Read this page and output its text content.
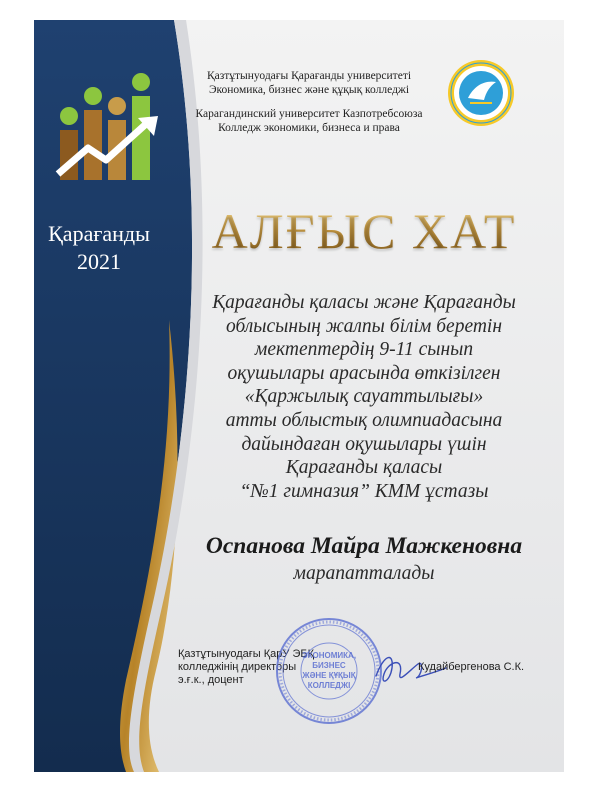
Қарағанды
2021
Қазтұтынуодағы Қарағанды университеті
Экономика, бизнес және құқық колледжі
Карагандинский университет Казпотребсоюза
Колледж экономики, бизнеса и права
АЛҒЫС ХАТ
Қарағанды қаласы және Қарағанды
облысының жалпы білім беретін
мектептердің 9-11 сынып
оқушылары арасында өткізілген
«Қаржылық сауаттылығы»
атты облыстық олимпиадасына
дайындаған оқушылары үшін
Қарағанды қаласы
“№1 гимназия” КММ ұстазы
Оспанова Майра Мажкеновна
марапатталады
Қазтұтынуодағы ҚарУ ЭБҚ
колледжінің директоры
э.ғ.к., доцент
ЭКОНОМИКА,
БИЗНЕС
ЖӘНЕ ҚҰҚЫҚ
КОЛЛЕДЖІ
Кудайбергенова С.К.
